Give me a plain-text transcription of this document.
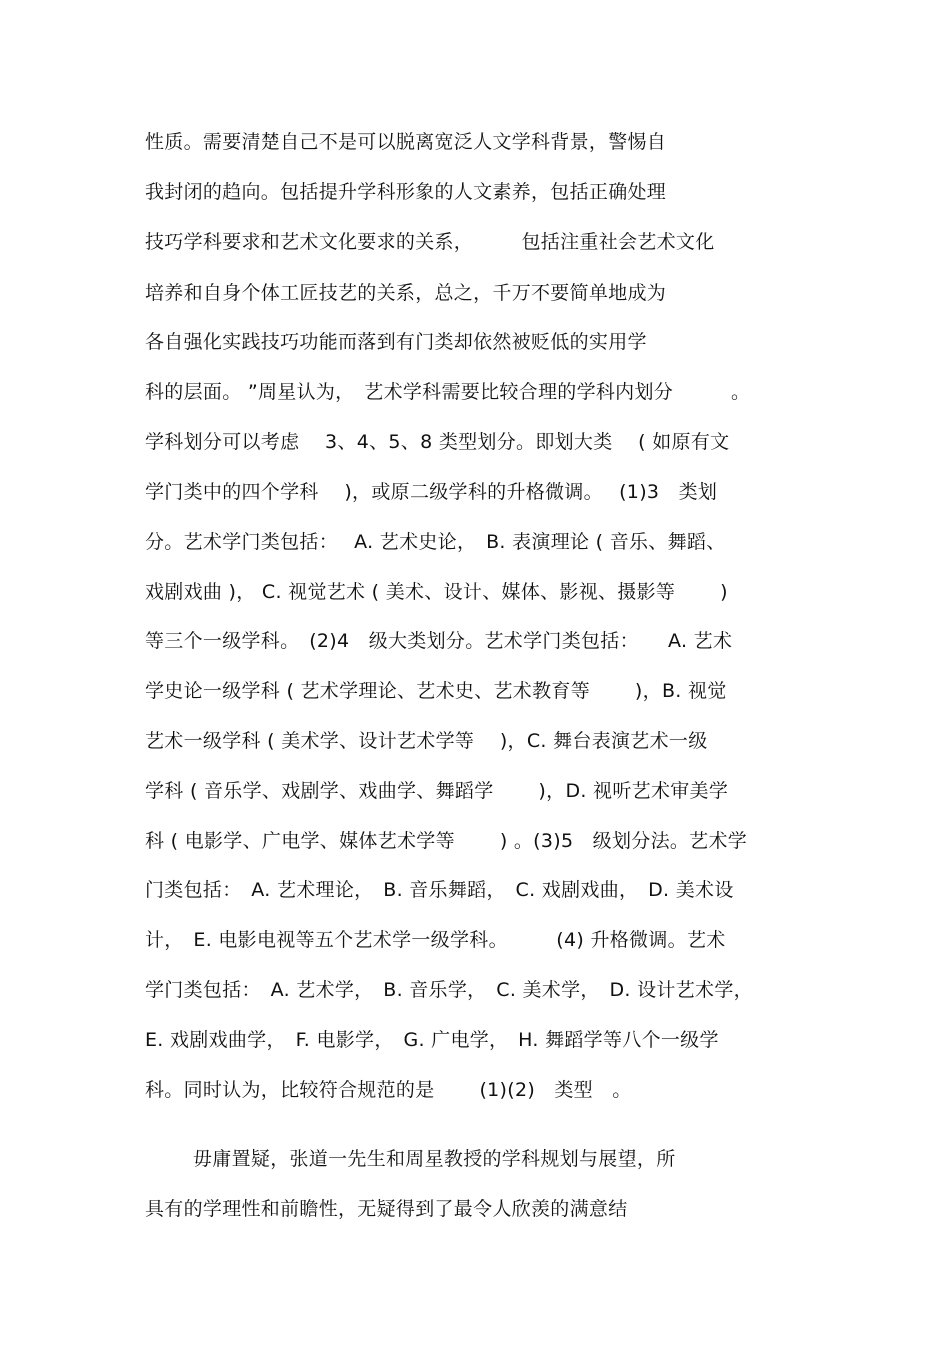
性质。需要清楚自己不是可以脱离宽泛人文学科背景，警惕自
我封闭的趋向。包括提升学科形象的人文素养，包括正确处理
技巧学科要求和艺术文化要求的关系，　　　包括注重社会艺术文化
培养和自身个体工匠技艺的关系，总之，千万不要简单地成为
各自强化实践技巧功能而落到有门类却依然被贬低的实用学
科的层面。 ”周星认为，　艺术学科需要比较合理的学科内划分　　　。
学科划分可以考虑　 3、4、5、8 类型划分。即划大类　 ( 如原有文
学门类中的四个学科　 )，或原二级学科的升格微调。　 (1)3　类划
分。艺术学门类包括：　 A. 艺术史论，　B. 表演理论 ( 音乐、舞蹈、
戏剧戏曲 )， C. 视觉艺术 ( 美术、设计、媒体、影视、摄影等　　 )
等三个一级学科。　(2)4　级大类划分。艺术学门类包括：　　A. 艺术
学史论一级学科 ( 艺术学理论、艺术史、艺术教育等　　 )，B. 视觉
艺术一级学科 ( 美术学、设计艺术学等　 )，C. 舞台表演艺术一级
学科 ( 音乐学、戏剧学、戏曲学、舞蹈学　　 )，D. 视听艺术审美学
科 ( 电影学、广电学、媒体艺术学等　　 ) 。(3)5　级划分法。艺术学
门类包括：　A. 艺术理论，　B. 音乐舞蹈，　C. 戏剧戏曲，　D. 美术设
计，　E. 电影电视等五个艺术学一级学科。　　　(4) 升格微调。艺术
学门类包括：　A. 艺术学，　B. 音乐学，　C. 美术学，　D. 设计艺术学，
E. 戏剧戏曲学，　F. 电影学，　G. 广电学，　H. 舞蹈学等八个一级学
科。同时认为，比较符合规范的是　　 (1)(2)　类型　。
毋庸置疑，张道一先生和周星教授的学科规划与展望，所
具有的学理性和前瞻性，无疑得到了最令人欣羡的满意结
